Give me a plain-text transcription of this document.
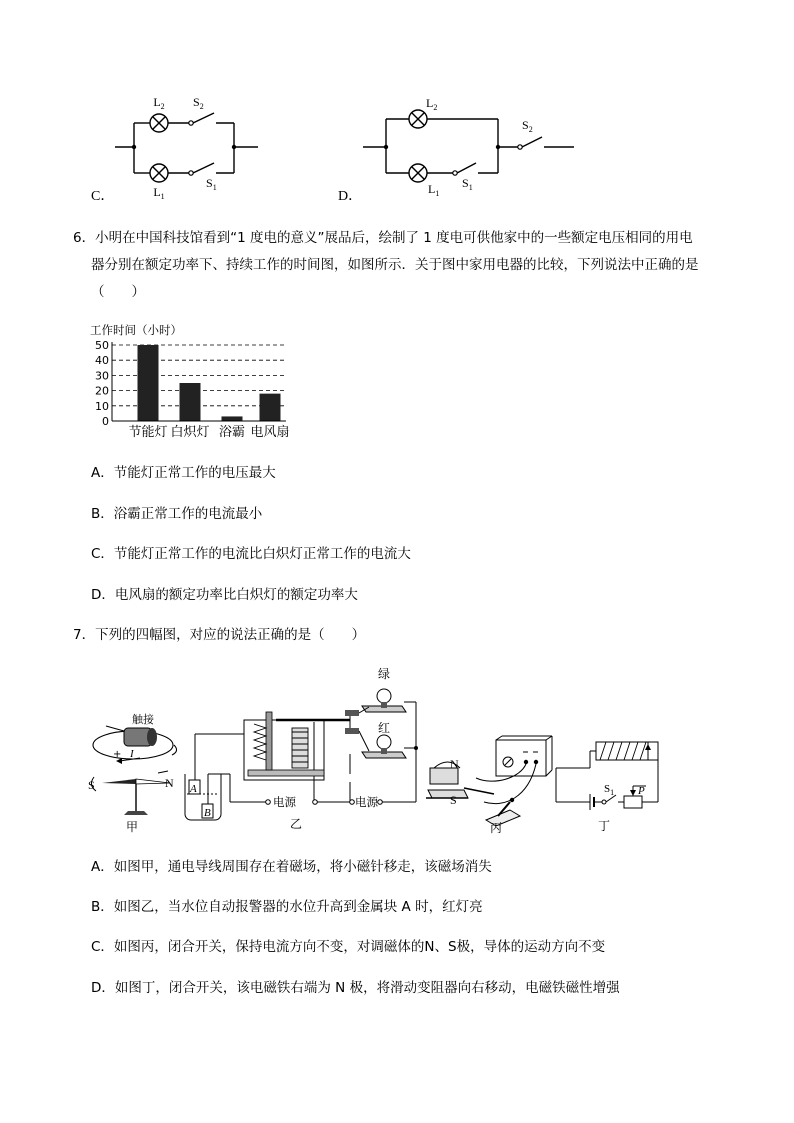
$L_2$ $S_2$
$L_1$
$S_1$
C．
$L_2$
$S_2$
$L_1$
$S_1$
D．
6．小明在中国科技馆看到“1 度电的意义”展品后，绘制了 1 度电可供他家中的一些额定电压相同的用电
器分别在额定功率下、持续工作的时间图，如图所示．关于图中家用电器的比较，下列说法中正确的是
（　　）
工作时间（小时）
0
10
20
30
40
50
节能灯 白炽灯 浴霸 电风扇
A．节能灯正常工作的电压最大
B．浴霸正常工作的电流最小
C．节能灯正常工作的电流比白炽灯正常工作的电流大
D．电风扇的额定功率比白炽灯的额定功率大
7．下列的四幅图，对应的说法正确的是（　　）
触接
-
+ I
S	N
甲
A
B
绿
红
电源	电源
乙
N
S
丙
$S_1$ P
丁
A．如图甲，通电导线周围存在着磁场，将小磁针移走，该磁场消失
B．如图乙，当水位自动报警器的水位升高到金属块 A 时，红灯亮
C．如图丙，闭合开关，保持电流方向不变，对调磁体的N、S极，导体的运动方向不变
D．如图丁，闭合开关，该电磁铁右端为 N 极，将滑动变阻器向右移动，电磁铁磁性增强
